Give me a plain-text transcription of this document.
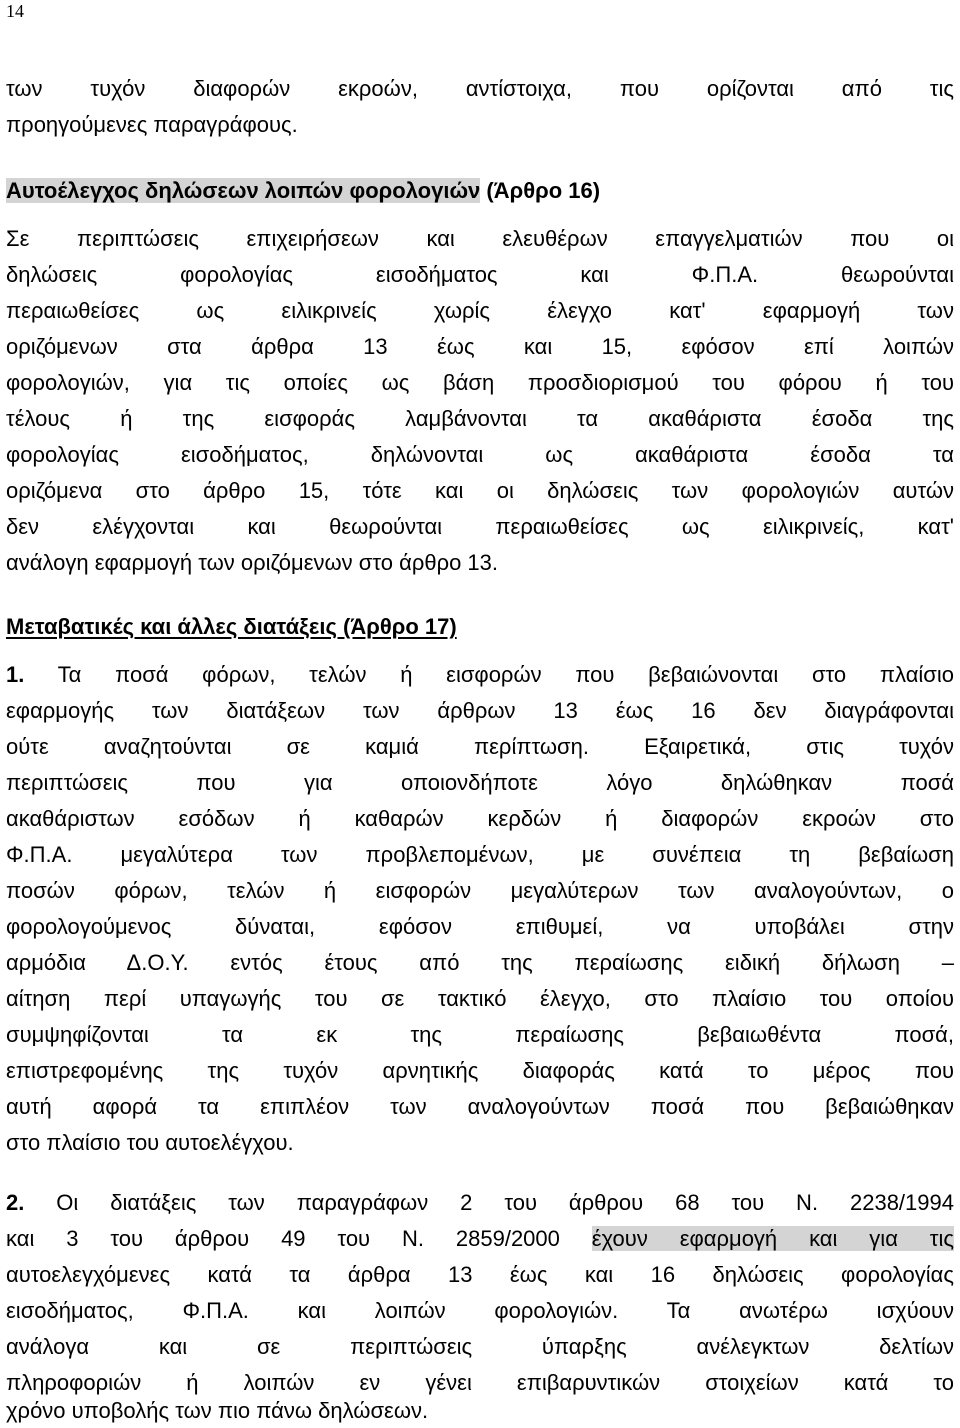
14
των τυχόν διαφορών εκροών, αντίστοιχα, που ορίζονται από τις
προηγούμενες παραγράφους.
Αυτοέλεγχος δηλώσεων λοιπών φορολογιών (Άρθρο 16)
Σε περιπτώσεις επιχειρήσεων και ελευθέρων επαγγελματιών που οι
δηλώσεις φορολογίας εισοδήματος και Φ.Π.Α. θεωρούνται
περαιωθείσες ως ειλικρινείς χωρίς έλεγχο κατ' εφαρμογή των
οριζόμενων στα άρθρα 13 έως και 15, εφόσον επί λοιπών
φορολογιών, για τις οποίες ως βάση προσδιορισμού του φόρου ή του
τέλους ή της εισφοράς λαμβάνονται τα ακαθάριστα έσοδα της
φορολογίας εισοδήματος, δηλώνονται ως ακαθάριστα έσοδα τα
οριζόμενα στο άρθρο 15, τότε και οι δηλώσεις των φορολογιών αυτών
δεν ελέγχονται και θεωρούνται περαιωθείσες ως ειλικρινείς, κατ'
ανάλογη εφαρμογή των οριζόμενων στο άρθρο 13.
Μεταβατικές και άλλες διατάξεις (Άρθρο 17)
1. Τα ποσά φόρων, τελών ή εισφορών που βεβαιώνονται στο πλαίσιο
εφαρμογής των διατάξεων των άρθρων 13 έως 16 δεν διαγράφονται
ούτε αναζητούνται σε καμιά περίπτωση. Εξαιρετικά, στις τυχόν
περιπτώσεις που για οποιονδήποτε λόγο δηλώθηκαν ποσά
ακαθάριστων εσόδων ή καθαρών κερδών ή διαφορών εκροών στο
Φ.Π.Α. μεγαλύτερα των προβλεπομένων, με συνέπεια τη βεβαίωση
ποσών φόρων, τελών ή εισφορών μεγαλύτερων των αναλογούντων, ο
φορολογούμενος δύναται, εφόσον επιθυμεί, να υποβάλει στην
αρμόδια Δ.Ο.Υ. εντός έτους από της περαίωσης ειδική δήλωση –
αίτηση περί υπαγωγής του σε τακτικό έλεγχο, στο πλαίσιο του οποίου
συμψηφίζονται τα εκ της περαίωσης βεβαιωθέντα ποσά,
επιστρεφομένης της τυχόν αρνητικής διαφοράς κατά το μέρος που
αυτή αφορά τα επιπλέον των αναλογούντων ποσά που βεβαιώθηκαν
στο πλαίσιο του αυτοελέγχου.
2. Οι διατάξεις των παραγράφων 2 του άρθρου 68 του Ν. 2238/1994
και 3 του άρθρου 49 του Ν. 2859/2000 έχουν εφαρμογή και για τις
αυτοελεγχόμενες κατά τα άρθρα 13 έως και 16 δηλώσεις φορολογίας
εισοδήματος, Φ.Π.Α. και λοιπών φορολογιών. Τα ανωτέρω ισχύουν
ανάλογα και σε περιπτώσεις ύπαρξης ανέλεγκτων δελτίων
πληροφοριών ή λοιπών εν γένει επιβαρυντικών στοιχείων κατά το
χρόνο υποβολής των πιο πάνω δηλώσεων.
